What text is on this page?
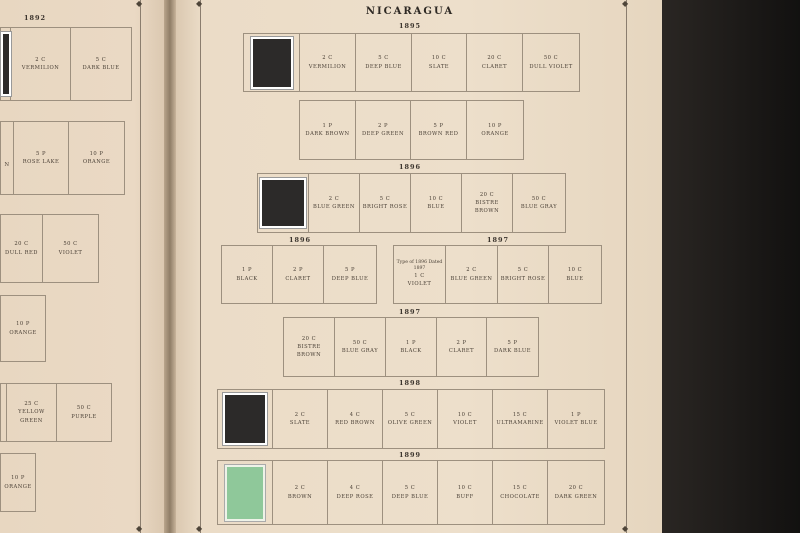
◆	◆
◆
◆	◆
◆
1892
2 C
VERMILION
5 C
DARK BLUE
N
5 P
ROSE LAKE
10 P
ORANGE
20 C
DULL RED
50 C
VIOLET
10 P
ORANGE
25 C
YELLOW GREEN
50 C
PURPLE
10 P
ORANGE
NICARAGUA
1895
2 C
VERMILION
5 C
DEEP BLUE
10 C
SLATE
20 C
CLARET
50 C
DULL VIOLET
1 P
DARK BROWN
2 P
DEEP GREEN
5 P
BROWN RED
10 P
ORANGE
1896
2 C
BLUE GREEN
5 C
BRIGHT ROSE
10 C
BLUE
20 C
BISTRE BROWN
50 C
BLUE GRAY
1896
1 P
BLACK
2 P
CLARET
5 P
DEEP BLUE
1897
Type of 1896 Dated 1897
1 C
VIOLET
2 C
BLUE GREEN
5 C
BRIGHT ROSE
10 C
BLUE
1897
20 C
BISTRE BROWN
50 C
BLUE GRAY
1 P
BLACK
2 P
CLARET
5 P
DARK BLUE
1898
2 C
SLATE
4 C
RED BROWN
5 C
OLIVE GREEN
10 C
VIOLET
15 C
ULTRAMARINE
1 P
VIOLET BLUE
1899
2 C
BROWN
4 C
DEEP ROSE
5 C
DEEP BLUE
10 C
BUFF
15 C
CHOCOLATE
20 C
DARK GREEN
